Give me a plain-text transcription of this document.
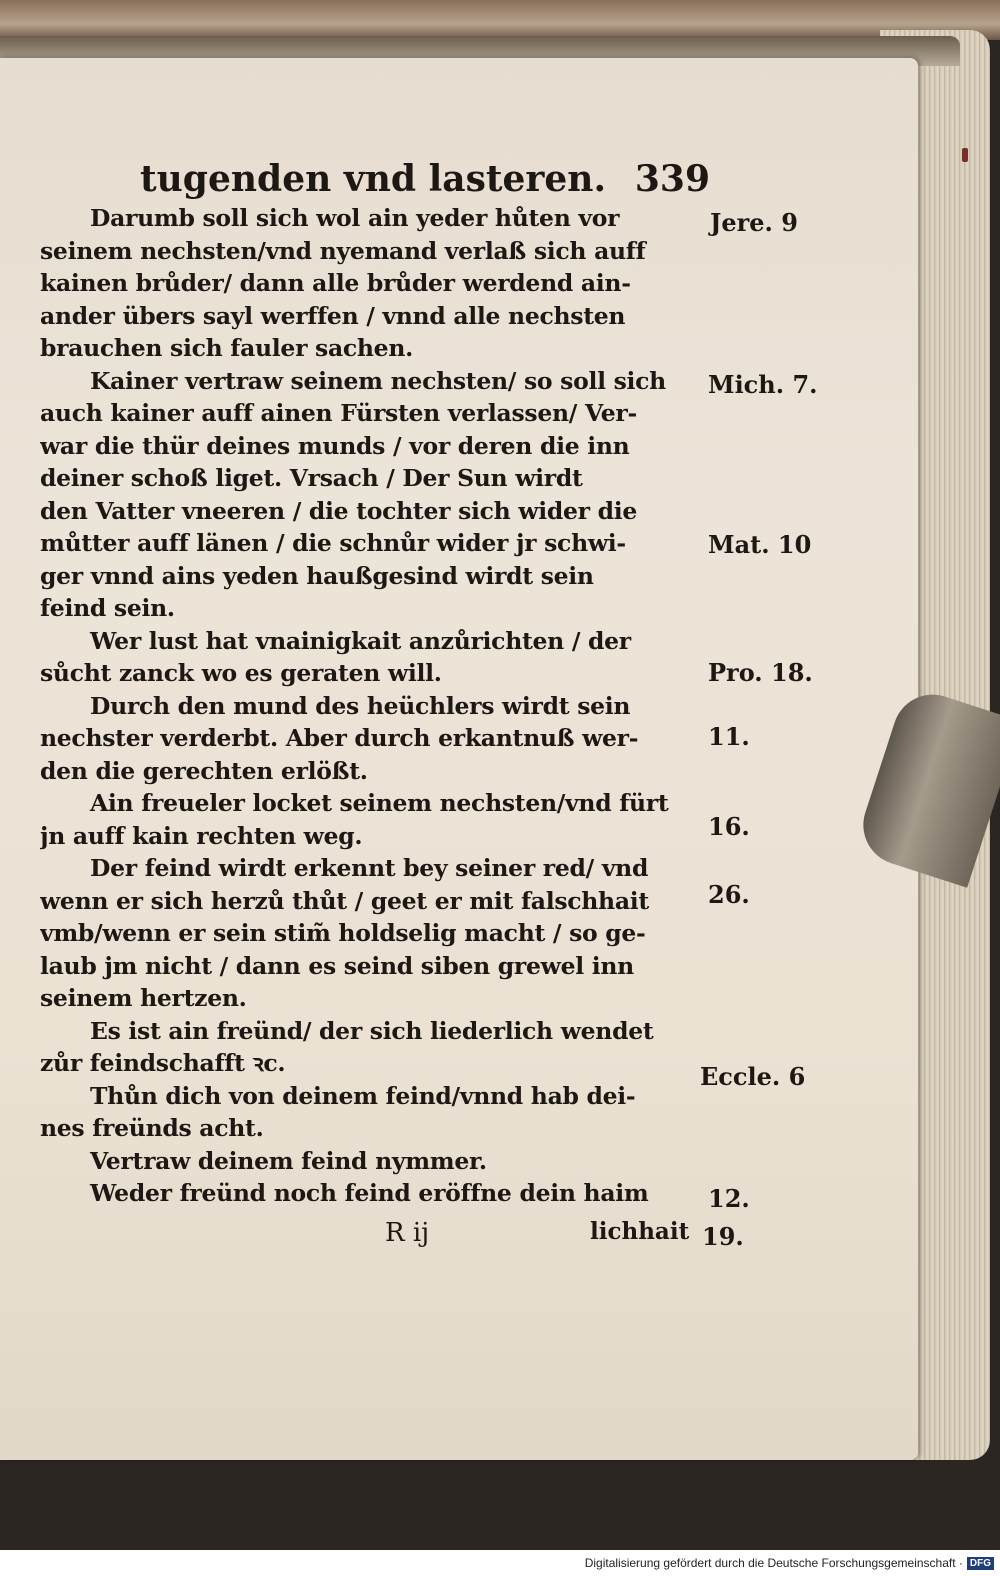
tugenden vnd lasteren. 339
Darumb soll sich wol ain yeder hůten vor
seinem nechsten/vnd nyemand verlaß sich auff
kainen brůder/ dann alle brůder werdend ain-
ander übers sayl werffen / vnnd alle nechsten
brauchen sich fauler sachen.
Kainer vertraw seinem nechsten/ so soll sich
auch kainer auff ainen Fürsten verlassen/ Ver-
war die thür deines munds / vor deren die inn
deiner schoß liget. Vrsach / Der Sun wirdt
den Vatter vneeren / die tochter sich wider die
můtter auff länen / die schnůr wider jr schwi-
ger vnnd ains yeden haußgesind wirdt sein
feind sein.
Wer lust hat vnainigkait anzůrichten / der
sůcht zanck wo es geraten will.
Durch den mund des heüchlers wirdt sein
nechster verderbt. Aber durch erkantnuß wer-
den die gerechten erlößt.
Ain freueler locket seinem nechsten/vnd fürt
jn auff kain rechten weg.
Der feind wirdt erkennt bey seiner red/ vnd
wenn er sich herzů thůt / geet er mit falschhait
vmb/wenn er sein stim̃ holdselig macht / so ge-
laub jm nicht / dann es seind siben grewel inn
seinem hertzen.
Es ist ain freünd/ der sich liederlich wendet
zůr feindschafft ꝛc.
Thůn dich von deinem feind/vnnd hab dei-
nes freünds acht.
Vertraw deinem feind nymmer.
Weder freünd noch feind eröffne dein haim
Jere. 9
Mich. 7.
Mat. 10
Pro. 18.
11.
16.
26.
Eccle. 6
12.
19.
R ij	lichhait
Digitalisierung gefördert durch die Deutsche Forschungsgemeinschaft · DFG
